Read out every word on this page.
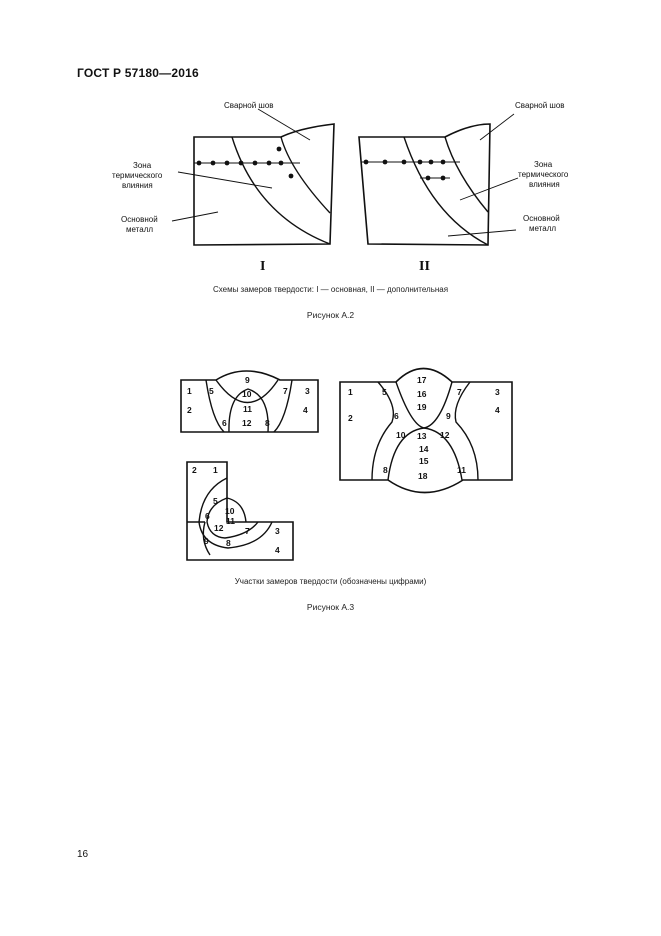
ГОСТ Р 57180—2016
Сварной шов
Зона
термического
влияния
Основной
металл
I
Сварной шов
Зона
термического
влияния
Основной
металл
II
1
2
5
9
10
11
12
6	8
7 3
4
1
2
5
17
16
19
6
10 13
14
15
18
12
9
8	11
7	3
4
2 1
5
6 10
11
12
9 8
7	3
4
Схемы замеров твердости: I — основная, II — дополнительная
Рисунок А.2
Участки замеров твердости (обозначены цифрами)
Рисунок А.3
16
